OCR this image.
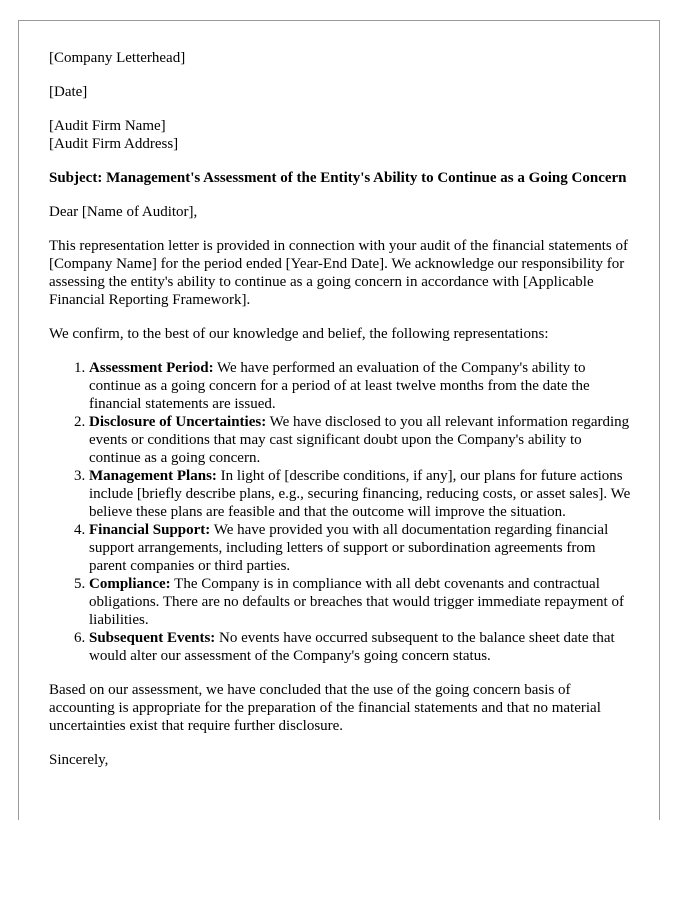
[Company Letterhead]

[Date]

[Audit Firm Name]
[Audit Firm Address]

Subject: Management's Assessment of the Entity's Ability to Continue as a Going Concern

Dear [Name of Auditor],

This representation letter is provided in connection with your audit of the financial statements of [Company Name] for the period ended [Year-End Date]. We acknowledge our responsibility for assessing the entity's ability to continue as a going concern in accordance with [Applicable Financial Reporting Framework].

We confirm, to the best of our knowledge and belief, the following representations:

1. Assessment Period: We have performed an evaluation of the Company's ability to continue as a going concern for a period of at least twelve months from the date the financial statements are issued.
2. Disclosure of Uncertainties: We have disclosed to you all relevant information regarding events or conditions that may cast significant doubt upon the Company's ability to continue as a going concern.
3. Management Plans: In light of [describe conditions, if any], our plans for future actions include [briefly describe plans, e.g., securing financing, reducing costs, or asset sales]. We believe these plans are feasible and that the outcome will improve the situation.
4. Financial Support: We have provided you with all documentation regarding financial support arrangements, including letters of support or subordination agreements from parent companies or third parties.
5. Compliance: The Company is in compliance with all debt covenants and contractual obligations. There are no defaults or breaches that would trigger immediate repayment of liabilities.
6. Subsequent Events: No events have occurred subsequent to the balance sheet date that would alter our assessment of the Company's going concern status.

Based on our assessment, we have concluded that the use of the going concern basis of accounting is appropriate for the preparation of the financial statements and that no material uncertainties exist that require further disclosure.

Sincerely,
